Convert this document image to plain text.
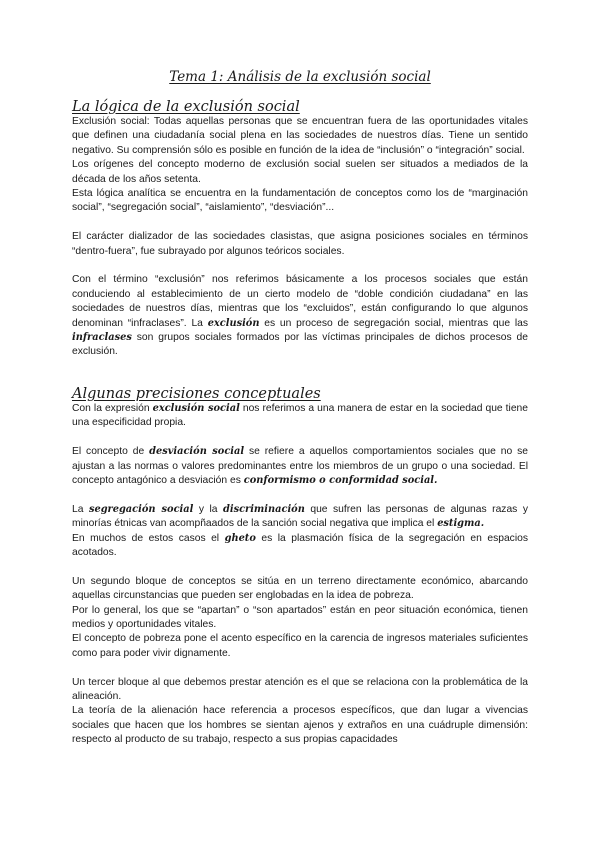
Tema 1: Análisis de la exclusión social
La lógica de la exclusión social

Exclusión social: Todas aquellas personas que se encuentran fuera de las oportunidades vitales que definen una ciudadanía social plena en las sociedades de nuestros días. Tiene un sentido negativo. Su comprensión sólo es posible en función de la idea de “inclusión” o “integración” social.

Los orígenes del concepto moderno de exclusión social suelen ser situados a mediados de la década de los años setenta.

Esta lógica analítica se encuentra en la fundamentación de conceptos como los de “marginación social”, “segregación social”, “aislamiento”, “desviación”...

El carácter dializador de las sociedades clasistas, que asigna posiciones sociales en términos “dentro-fuera”, fue subrayado por algunos teóricos sociales.

Con el término “exclusión” nos referimos básicamente a los procesos sociales que están conduciendo al establecimiento de un cierto modelo de “doble condición ciudadana” en las sociedades de nuestros días, mientras que los “excluidos”, están configurando lo que algunos denominan “infraclases”. La exclusión es un proceso de segregación social, mientras que las infraclases son grupos sociales formados por las víctimas principales de dichos procesos de exclusión.

Algunas precisiones conceptuales

Con la expresión exclusión social nos referimos a una manera de estar en la sociedad que tiene una especificidad propia.

El concepto de desviación social se refiere a aquellos comportamientos sociales que no se ajustan a las normas o valores predominantes entre los miembros de un grupo o una sociedad. El concepto antagónico a desviación es conformismo o conformidad social.

La segregación social y la discriminación que sufren las personas de algunas razas y minorías étnicas van acompñaados de la sanción social negativa que implica el estigma.

En muchos de estos casos el gheto es la plasmación física de la segregación en espacios acotados.

Un segundo bloque de conceptos se sitúa en un terreno directamente económico, abarcando aquellas circunstancias que pueden ser englobadas en la idea de pobreza.

Por lo general, los que se “apartan” o “son apartados” están en peor situación económica, tienen medios y oportunidades vitales.

El concepto de pobreza pone el acento específico en la carencia de ingresos materiales suficientes como para poder vivir dignamente.

Un tercer bloque al que debemos prestar atención es el que se relaciona con la problemática de la alineación.

La teoría de la alienación hace referencia a procesos específicos, que dan lugar a vivencias sociales que hacen que los hombres se sientan ajenos y extraños en una cuádruple dimensión: respecto al producto de su trabajo, respecto a sus propias capacidades
